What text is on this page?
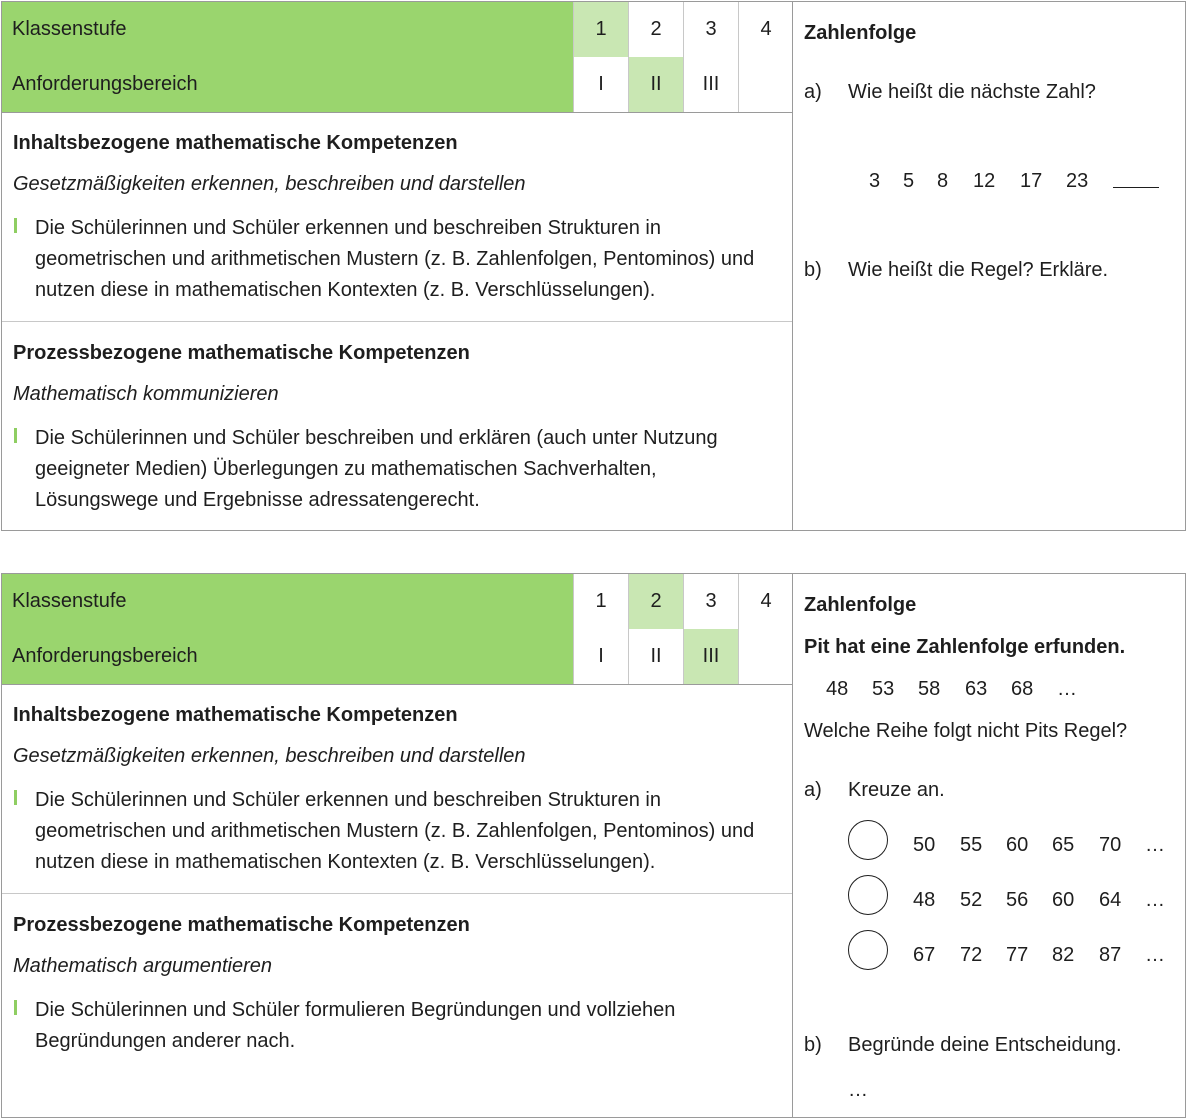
Klassenstufe	1	2	3	4
Anforderungsbereich	I	II	III
Inhaltsbezogene mathematische Kompetenzen
Gesetzmäßigkeiten erkennen, beschreiben und darstellen
Die Schülerinnen und Schüler erkennen und beschreiben Strukturen in geometrischen und arithmetischen Mustern (z. B. Zahlenfolgen, Pentominos) und nutzen diese in mathematischen Kontexten (z. B. Verschlüsselungen).
Prozessbezogene mathematische Kompetenzen
Mathematisch kommunizieren
Die Schülerinnen und Schüler beschreiben und erklären (auch unter Nutzung geeigneter Medien) Überlegungen zu mathematischen Sachverhalten, Lösungswege und Ergebnisse adressatengerecht.
Zahlenfolge
a) Wie heißt die nächste Zahl?
3 5 8 12 17 23
b) Wie heißt die Regel? Erkläre.
Klassenstufe	1	2	3	4
Anforderungsbereich	I	II	III
Inhaltsbezogene mathematische Kompetenzen
Gesetzmäßigkeiten erkennen, beschreiben und darstellen
Die Schülerinnen und Schüler erkennen und beschreiben Strukturen in geometrischen und arithmetischen Mustern (z. B. Zahlenfolgen, Pentominos) und nutzen diese in mathematischen Kontexten (z. B. Verschlüsselungen).
Prozessbezogene mathematische Kompetenzen
Mathematisch argumentieren
Die Schülerinnen und Schüler formulieren Begründungen und vollziehen Begründungen anderer nach.
Zahlenfolge
Pit hat eine Zahlenfolge erfunden.
48 53 58 63 68 …
Welche Reihe folgt nicht Pits Regel?
a) Kreuze an.
50 55 60 65 70 …
48 52 56 60 64 …
67 72 77 82 87 …
b) Begründe deine Entscheidung.
…
